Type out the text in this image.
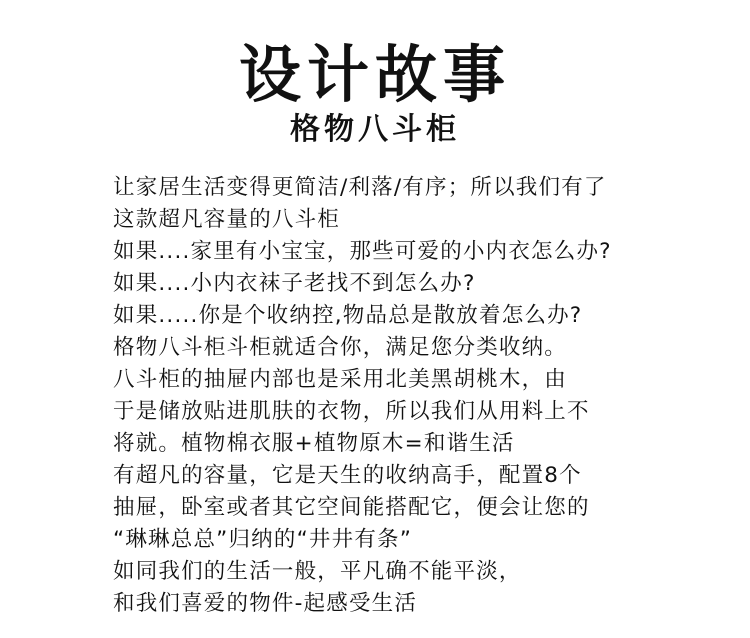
设计故事
格物八斗柜
让家居生活变得更简洁/利落/有序；所以我们有了
这款超凡容量的八斗柜
如果....家里有小宝宝，那些可爱的小内衣怎么办?
如果....小内衣袜子老找不到怎么办?
如果.....你是个收纳控,物品总是散放着怎么办?
格物八斗柜斗柜就适合你，满足您分类收纳。
八斗柜的抽屉内部也是采用北美黑胡桃木，由
于是储放贴进肌肤的衣物，所以我们从用料上不
将就。植物棉衣服+植物原木=和谐生活
有超凡的容量，它是天生的收纳高手，配置8个
抽屉，卧室或者其它空间能搭配它，便会让您的
“琳琳总总”归纳的“井井有条”
如同我们的生活一般，平凡确不能平淡，
和我们喜爱的物件-起感受生活
